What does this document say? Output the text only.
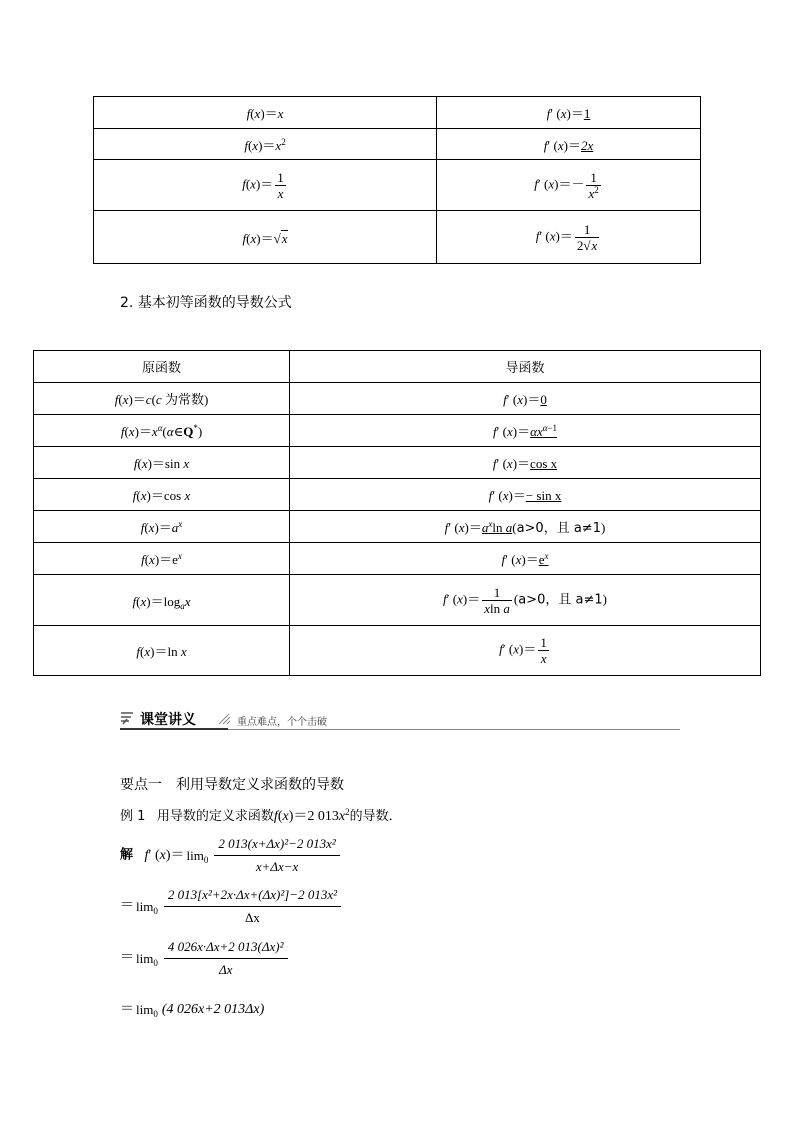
f(x)＝x	f′ (x)＝1
$f(x)=x^2$	f′ (x)＝2x
$f(x)= \frac{1}{x}$	f′ $(x)=- \frac{1}{x^2}$

f(x)＝√x	f′ $(x)= \frac{1}{2√x}$
2. 基本初等函数的导数公式
原函数	导函数
f(x)＝c(c 为常数)	f′ (x)＝0
$f(x)=x^\alpha(\alpha\in Q^*)$	f′ $(x)=\alpha x^{\alpha-1}$
f(x)＝sin x	f′ (x)＝cos x
f(x)＝cos x	f′ (x)＝− sin x
$f(x)=a^x$	f′ $(x)=a^x\ln$ a(a>0，且 a≠1)
$f(x)=e^x$	f′ $(x)=e^x$
$f(x)=\log_ax$	f′ $(x)= \frac{1}{\text{xln a}} (a>0$，且 a≠1)
f(x)＝ln x	f′ $(x)= \frac{1}{x}$
课堂讲义	重点难点，个个击破
要点一　利用导数定义求函数的导数
例 1 用导数的定义求函数f(x)＝2 $013x^2$的导数．
解 f′ $(x)= \lim_0 \frac{\text{2 013(x+Δx)²−2 013x²}}{x+\Delta x-x}$
＝ $\lim_0 \frac{\text{2 013[x²+2x·Δx+(Δx)²]−2 013x²}}{\Delta x}$
＝ $\lim_0 \frac{\text{4 026x·Δx+2 013(Δx)²}}{\Delta x}$
＝ $\lim_0 (4$ 026x+2 013Δx)
